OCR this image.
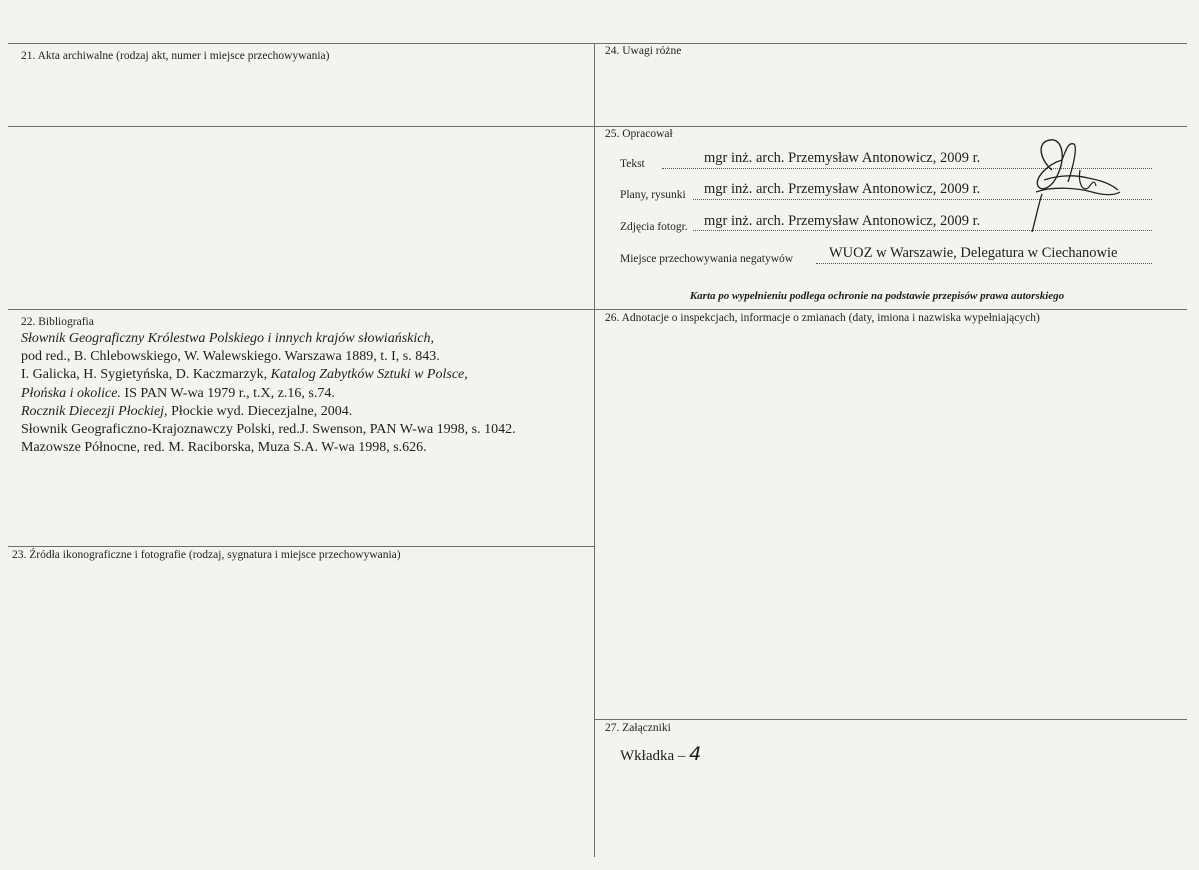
21. Akta archiwalne (rodzaj akt, numer i miejsce przechowywania)	24. Uwagi różne
25. Opracował
Tekst	mgr inż. arch. Przemysław Antonowicz, 2009 r.
Plany, rysunki mgr inż. arch. Przemysław Antonowicz, 2009 r.
Zdjęcia fotogr. mgr inż. arch. Przemysław Antonowicz, 2009 r.
Miejsce przechowywania negatywów WUOZ w Warszawie, Delegatura w Ciechanowie
Karta po wypełnieniu podlega ochronie na podstawie przepisów prawa autorskiego
22. Bibliografia
Słownik Geograficzny Królestwa Polskiego i innych krajów słowiańskich,
pod red., B. Chlebowskiego, W. Walewskiego. Warszawa 1889, t. I, s. 843.
I. Galicka, H. Sygietyńska, D. Kaczmarzyk, Katalog Zabytków Sztuki w Polsce,
Płońska i okolice. IS PAN W-wa 1979 r., t.X, z.16, s.74.
Rocznik Diecezji Płockiej, Płockie wyd. Diecezjalne, 2004.
Słownik Geograficzno-Krajoznawczy Polski, red.J. Swenson, PAN W-wa 1998, s. 1042.
Mazowsze Północne, red. M. Raciborska, Muza S.A. W-wa 1998, s.626.
26. Adnotacje o inspekcjach, informacje o zmianach (daty, imiona i nazwiska wypełniających)
23. Źródła ikonograficzne i fotografie (rodzaj, sygnatura i miejsce przechowywania)
27. Załączniki
Wkładka – 4
